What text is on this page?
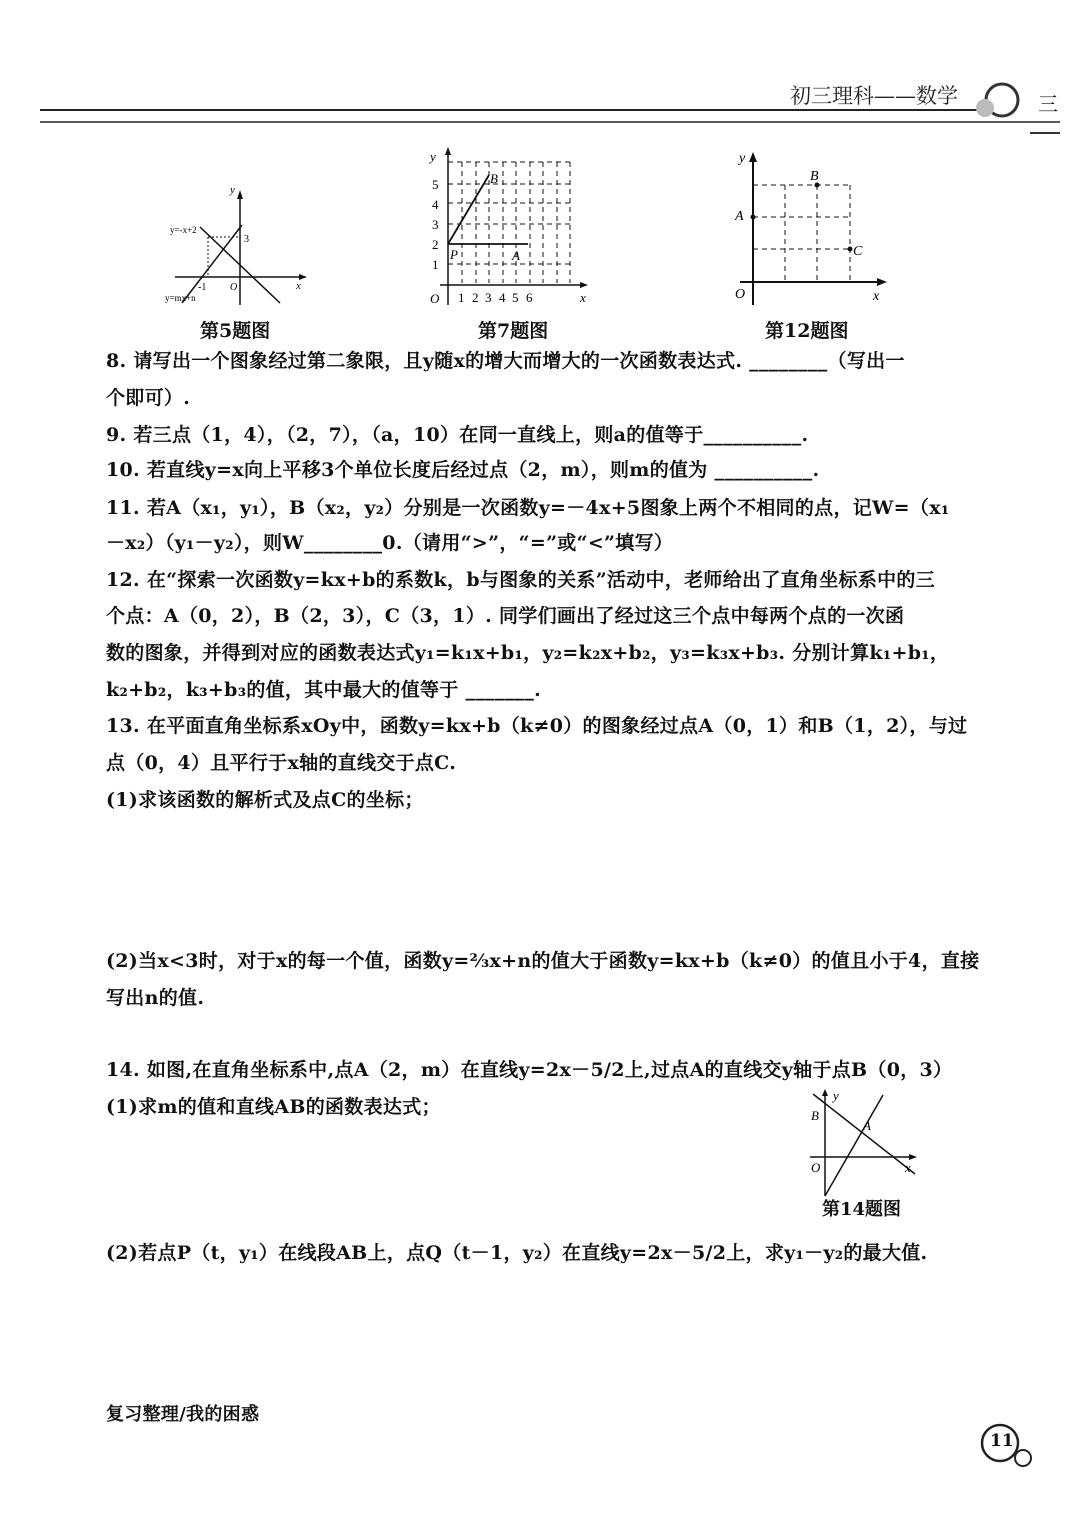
初三理科——数学	三
y
x
3
-1 O
y=-x+2
y=mx+n
第5题图
y
1
2
3
4
5
O 1 2 3 4 5 6	x
P	A
B
第7题图
y
x
O
A
B
C
第12题图
8. 请写出一个图象经过第二象限，且y随x的增大而增大的一次函数表达式. ________（写出一
个即可）.
9. 若三点（1，4），（2，7），（a，10）在同一直线上，则a的值等于__________.
10. 若直线y=x向上平移3个单位长度后经过点（2，m），则m的值为 __________.
11. 若A（x₁，y₁），B（x₂，y₂）分别是一次函数y=－4x+5图象上两个不相同的点，记W=（x₁
－x₂）（y₁－y₂），则W________0.（请用“>”，“=”或“<”填写）
12. 在“探索一次函数y=kx+b的系数k，b与图象的关系”活动中，老师给出了直角坐标系中的三
个点：A（0，2），B（2，3），C（3，1）. 同学们画出了经过这三个点中每两个点的一次函
数的图象，并得到对应的函数表达式y₁=k₁x+b₁，y₂=k₂x+b₂，y₃=k₃x+b₃. 分别计算k₁+b₁，
k₂+b₂，k₃+b₃的值，其中最大的值等于 _______.
13. 在平面直角坐标系xOy中，函数y=kx+b（k≠0）的图象经过点A（0，1）和B（1，2），与过
点（0，4）且平行于x轴的直线交于点C.
(1)求该函数的解析式及点C的坐标；
(2)当x<3时，对于x的每一个值，函数y=⅔x+n的值大于函数y=kx+b（k≠0）的值且小于4，直接
写出n的值.
14. 如图,在直角坐标系中,点A（2，m）在直线y=2x－5/2上,过点A的直线交y轴于点B（0，3）
(1)求m的值和直线AB的函数表达式；
(2)若点P（t，y₁）在线段AB上，点Q（t－1，y₂）在直线y=2x－5/2上，求y₁－y₂的最大值.
y
x
O
B
A
第14题图
复习整理/我的困惑
11
